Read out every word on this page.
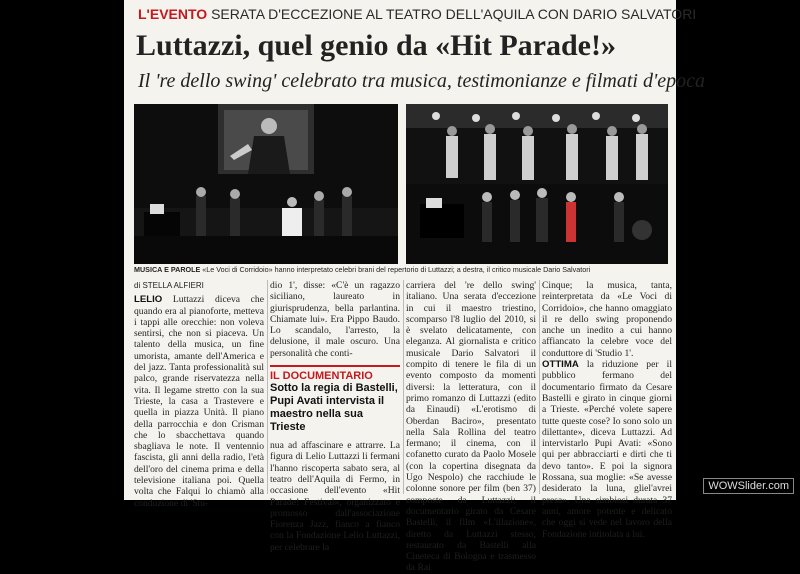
L'EVENTO SERATA D'ECCEZIONE AL TEATRO DELL'AQUILA CON DARIO SALVATORI
Luttazzi, quel genio da «Hit Parade!»
Il 're dello swing' celebrato tra musica, testimonianze e filmati d'epoca
MUSICA E PAROLE «Le Voci di Corridoio» hanno interpretato celebri brani del repertorio di Luttazzi; a destra, il critico musicale Dario Salvatori
di STELLA ALFIERI

LELIO Luttazzi diceva che quando era al pianoforte, metteva i tappi alle orecchie: non voleva sentirsi, che non si piaceva. Un talento della musica, un fine umorista, amante dell'America e del jazz. Tanta professionalità sul palco, grande riservatezza nella vita. Il legame stretto con la sua Trieste, la casa a Trastevere e quella in piazza Unità. Il piano della parrocchia e don Crisman che lo sbacchettava quando sbagliava le note. Il ventennio fascista, gli anni della radio, l'età dell'oro del cinema prima e della televisione italiana poi. Quella volta che Falqui lo chiamò alla conduzione di 'Stu-

dio 1', disse: «C'è un ragazzo siciliano, laureato in giurisprudenza, bella parlantina. Chiamate lui». Era Pippo Baudo. Lo scandalo, l'arresto, la delusione, il male oscuro. Una personalità che conti-

IL DOCUMENTARIO
Sotto la regia di Bastelli, Pupi Avati intervista il maestro nella sua Trieste

nua ad affascinare e attrarre. La figura di Lelio Luttazzi li fermani l'hanno riscoperta sabato sera, al teatro dell'Aquila di Fermo, in occasione dell'evento «Hit Parade! Festival», organizzato e promosso dall'associazione Fiorenza Jazz, fianco a fianco con la Fondazione Lelio Luttazzi, per celebrare la

carriera del 're dello swing' italiano. Una serata d'eccezione in cui il maestro triestino, scomparso l'8 luglio del 2010, si è svelato delicatamente, con eleganza. Al giornalista e critico musicale Dario Salvatori il compito di tenere le fila di un evento composto da momenti diversi: la letteratura, con il primo romanzo di Luttazzi (edito da Einaudi) «L'erotismo di Oberdan Baciro», presentato nella Sala Rollina del teatro fermano; il cinema, con il cofanetto curato da Paolo Mosele (con la copertina disegnata da Ugo Nespolo) che racchiude le colonne sonore per film (ben 37) composte da Luttazzi; il documentario girato da Cesare Bastelli, il film «L'illazione», diretto da Luttazzi stesso, restaurato da Bastelli alla Cineteca di Bologna e trasmesso da Rai

Cinque; la musica, tanta, reinterpretata da «Le Voci di Corridoio», che hanno omaggiato il re dello swing proponendo anche un inedito a cui hanno affiancato la celebre voce del conduttore di 'Studio 1'.

OTTIMA la riduzione per il pubblico fermano del documentario firmato da Cesare Bastelli e girato in cinque giorni a Trieste. «Perché volete sapere tutte queste cose? Io sono solo un dilettante», diceva Luttazzi. Ad intervistarlo Pupi Avati: «Sono qui per abbracciarti e dirti che ti devo tanto». E poi la signora Rossana, sua moglie: «Se avesse desiderato la luna, gliel'avrei presa». Una simbiosi durata 37 anni, amore potente e delicato che oggi si vede nel lavoro della Fondazione intitolata a lui.

WOWSlider.com
